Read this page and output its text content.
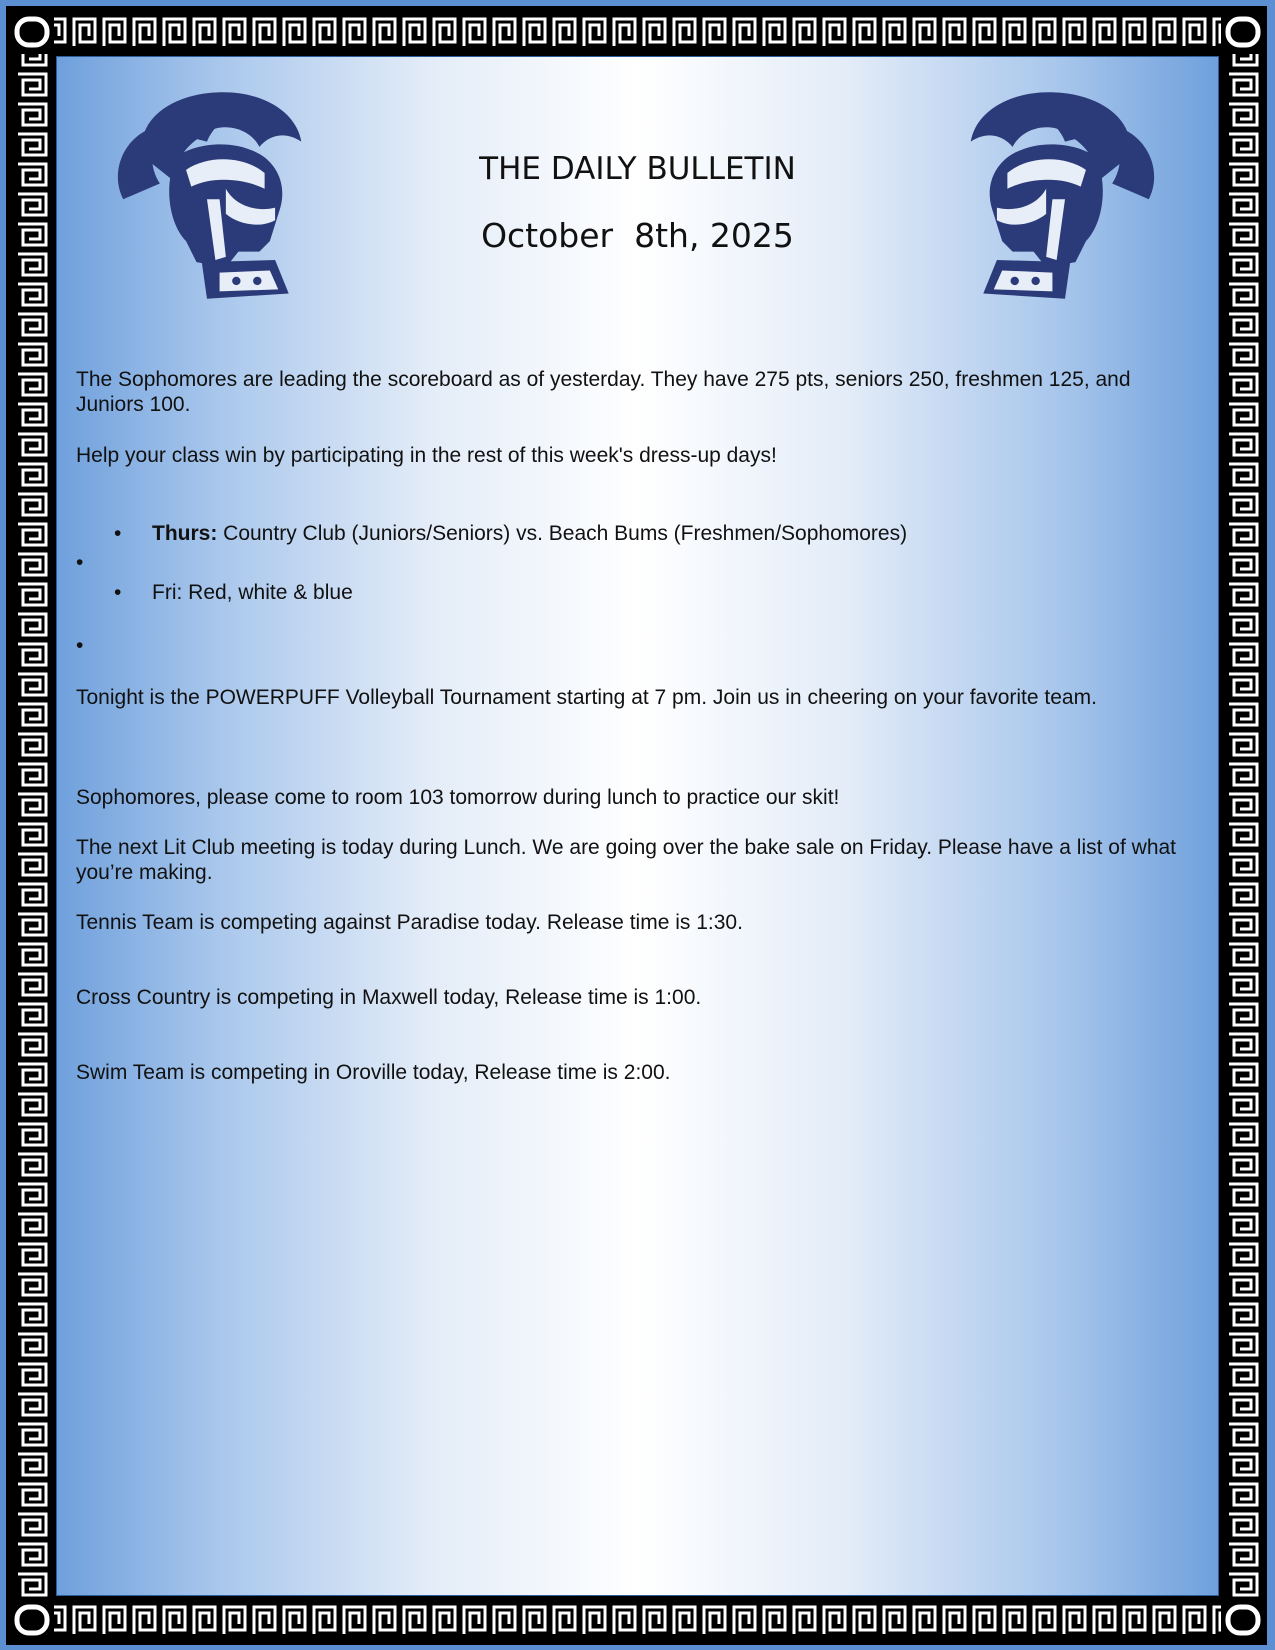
THE DAILY BULLETIN
October  8th, 2025
The Sophomores are leading the scoreboard as of yesterday. They have 275 pts, seniors 250, freshmen 125, and Juniors 100.
Help your class win by participating in the rest of this week's dress-up days!
• Thurs: Country Club (Juniors/Seniors) vs. Beach Bums (Freshmen/Sophomores)
•
• Fri: Red, white & blue
•
Tonight is the POWERPUFF Volleyball Tournament starting at 7 pm. Join us in cheering on your favorite team.
Sophomores, please come to room 103 tomorrow during lunch to practice our skit!
The next Lit Club meeting is today during Lunch. We are going over the bake sale on Friday. Please have a list of what you’re making.
Tennis Team is competing against Paradise today. Release time is 1:30.
Cross Country is competing in Maxwell today, Release time is 1:00.
Swim Team is competing in Oroville today, Release time is 2:00.
